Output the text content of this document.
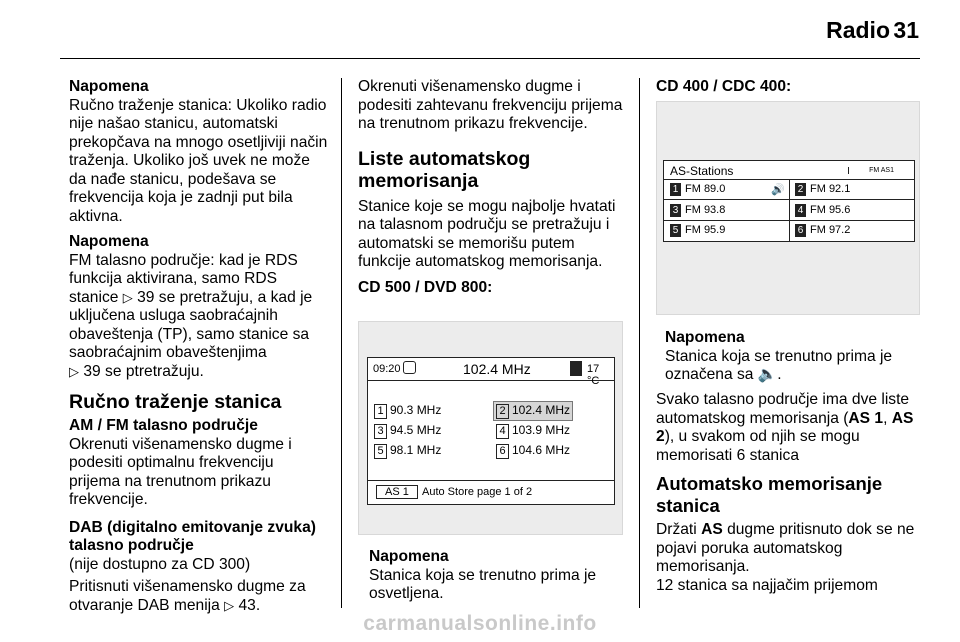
Radio 31
Napomena

Ručno traženje stanica: Ukoliko radio nije našao stanicu, automatski prekopčava na mnogo osetljiviji način traženja. Ukoliko još uvek ne može da nađe stanicu, podešava se frekvencija koja je zadnji put bila aktivna.

Napomena

FM talasno područje: kad je RDS funkcija aktivirana, samo RDS stanice ▷ 39 se pretražuju, a kad je uključena usluga saobraćajnih obaveštenja (TP), samo stanice sa saobraćajnim obaveštenjima
▷ 39 se ptretražuju.

Ručno traženje stanica
AM / FM talasno područje

Okrenuti višenamensko dugme i podesiti optimalnu frekvenciju prijema na trenutnom prikazu frekvencije.

DAB (digitalno emitovanje zvuka) talasno područje

(nije dostupno za CD 300)

Pritisnuti višenamensko dugme za otvaranje DAB menija ▷ 43.

Okrenuti višenamensko dugme i podesiti zahtevanu frekvenciju prijema na trenutnom prikazu frekvencije.

Liste automatskog memorisanja

Stanice koje se mogu najbolje hvatati na talasnom području se pretražuju i automatski se memorišu putem funkcije automatskog memorisanja.

CD 500 / DVD 800:
09:20	102.4 MHz	17 °C
1 90.3 MHz	2 102.4 MHz
3 94.5 MHz	4 103.9 MHz
5 98.1 MHz	6 104.6 MHz
AS 1	Auto Store page 1 of 2
Napomena

Stanica koja se trenutno prima je osvetljena.

CD 400 / CDC 400:
AS-Stations	FM AS1
1 FM 89.0	🔊 2 FM 92.1
3 FM 93.8	4 FM 95.6
5 FM 95.9	6 FM 97.2
Napomena

Stanica koja se trenutno prima je označena sa 🔈.

Svako talasno područje ima dve liste automatskog memorisanja (AS 1, AS 2), u svakom od njih se mogu memorisati 6 stanica

Automatsko memorisanje stanica

Držati AS dugme pritisnuto dok se ne pojavi poruka automatskog memorisanja.

12 stanica sa najjačim prijemom

carmanualsonline.info
